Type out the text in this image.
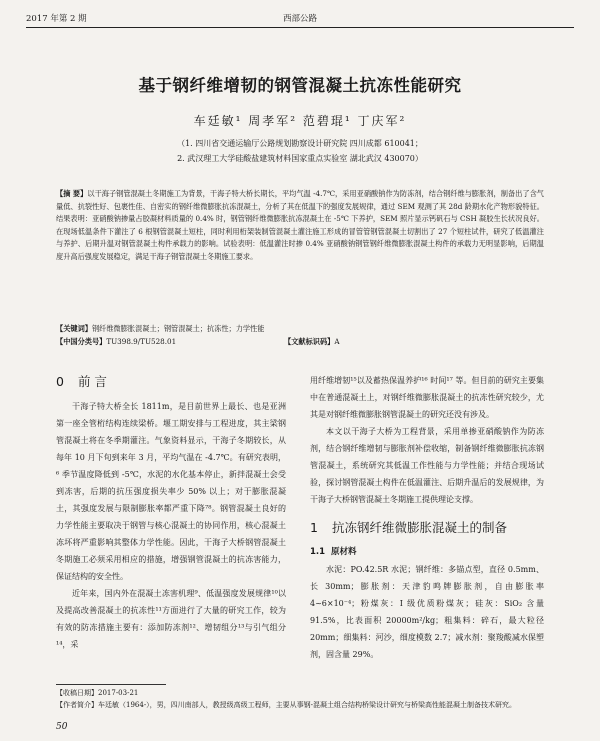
2017 年第 2 期	西部公路
基于钢纤维增韧的钢管混凝土抗冻性能研究
车廷敏¹ 周孝军² 范碧琨¹ 丁庆军²
（1. 四川省交通运输厅公路规划勘察设计研究院 四川成都 610041；
2. 武汉理工大学硅酸盐建筑材料国家重点实验室 湖北武汉 430070）
【摘 要】以干海子钢管混凝土冬期施工为背景，干海子特大桥长期长，平均气温 -4.7℃，采用亚硝酸钠作为防冻剂，结合钢纤维与膨胀剂，制备出了含气量低、抗裂性好、包裹性佳、自密实的钢纤维微膨胀抗冻混凝土，分析了其在低温下的强度发展规律，通过 SEM 观测了其 28d 龄期水化产物形貌特征。结果表明：亚硝酸钠掺量占胶凝材料质量的 0.4% 时，钢管钢纤维微膨胀抗冻混凝土在 -5℃ 下养护，SEM 照片显示钙矾石与 CSH 凝胶生长状况良好。在现场低温条件下灌注了 6 根钢管混凝土短柱，同时利用桁架装制管混凝土灌注施工形成的冒管管钢管混凝土切割出了 27 个短柱试件，研究了低温灌注与养护、后期升温对钢管混凝土构件承载力的影响。试验表明：低温灌注时掺 0.4% 亚硝酸钠钢管钢纤维微膨胀混凝土构件的承载力无明显影响，后期温度升高后强度发展稳定，满足干海子钢管混凝土冬期施工要求。
【关键词】钢纤维微膨胀混凝土；钢管混凝土；抗冻性；力学性能
【中国分类号】TU398.9/TU528.01	【文献标识码】A
0 前 言

干海子特大桥全长 1811m，是目前世界上最长、也是亚洲第一座全管桁结构连续梁桥。堰工期安排与工程进度，其主梁钢管混凝土将在冬季期灌注。气象资料显示，干海子冬期较长，从每年 10 月下旬到来年 3 月，平均气温在 -4.7℃。有研究表明，⁶ 季节温度降低到 -5℃，水泥的水化基本停止，新拌混凝土会受到冻害，后期的抗压强度损失率少 50% 以上；对于膨胀混凝土，其强度发展与限制膨胀率都严重下降⁷⁸。钢管混凝土良好的力学性能主要取决于钢管与核心混凝土的协同作用，核心混凝土冻坏将严重影响其整体力学性能。因此，干海子大桥钢管混凝土冬期施工必须采用相应的措施，增强钢管混凝土的抗冻害能力，保证结构的安全性。

近年来，国内外在混凝土冻害机理⁹、低温强度发展规律¹⁰以及提高改善混凝土的抗冻性¹¹方面进行了大量的研究工作，较为有效的防冻措施主要有：添加防冻剂¹²、增韧组分¹³与引气组分¹⁴，采

用纤维增韧¹⁵以及蓄热保温养护¹⁶ 时间¹⁷ 等。但目前的研究主要集中在普通混凝土上，对钢纤维微膨胀混凝土的抗冻性研究较少，尤其是对钢纤维微膨胀钢管混凝土的研究还没有涉及。

本文以干海子大桥为工程背景，采用单掺亚硝酸钠作为防冻剂，结合钢纤维增韧与膨胀剂补偿收缩，制备钢纤维微膨胀抗冻钢管混凝土，系统研究其低温工作性能与力学性能；并结合现场试验，探讨钢管混凝土构件在低温灌注、后期升温后的发展规律，为干海子大桥钢管混凝土冬期施工提供理论支撑。

1 抗冻钢纤维微膨胀混凝土的制备
1.1 原材料

水泥：PO.42.5R 水泥；钢纤维：多锚点型，直径 0.5mm、长 30mm；膨胀剂：天津豹鸣牌膨胀剂，自由膨胀率 4~6×10⁻⁴；粉煤灰：I 级优质粉煤灰；硅灰：SiO₂ 含量 91.5%，比表面积 20000m²/kg；粗集料：碎石，最大粒径 20mm；细集料：河沙，细度模数 2.7；减水剂：聚羧酸减水保塑剂，固含量 29%。

【收稿日期】2017-03-21
【作者简介】车廷敏（1964-），男，四川南部人，教授级高级工程师，主要从事钢-混凝土组合结构桥梁设计研究与桥梁高性能混凝土制备技术研究。
50
